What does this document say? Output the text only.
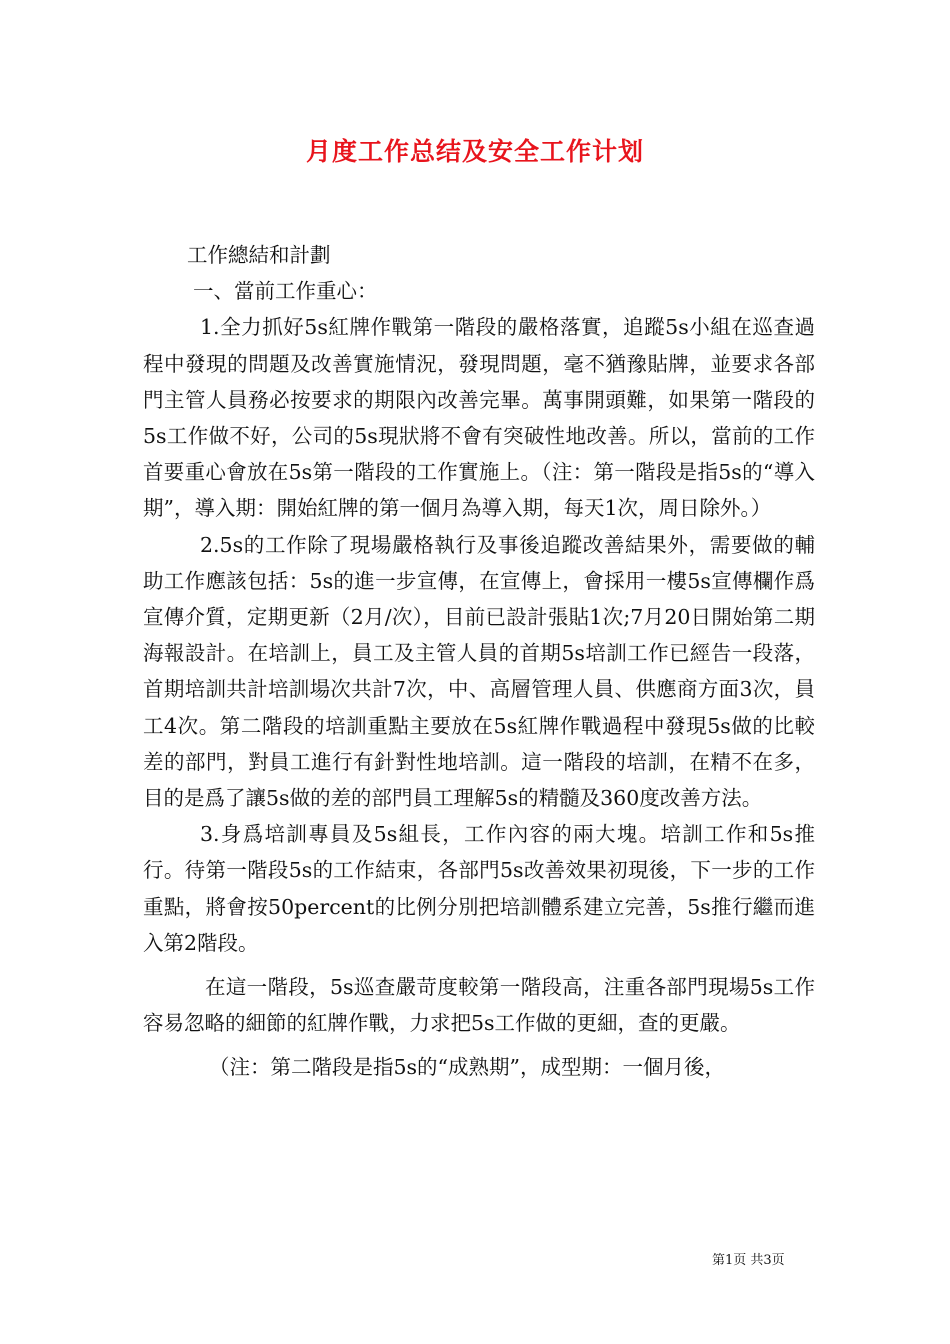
月度工作总结及安全工作计划

工作總結和計劃

一、當前工作重心：

1.全力抓好5s紅牌作戰第一階段的嚴格落實，追蹤5s小組在巡查過程中發現的問題及改善實施情況，發現問題，毫不猶豫貼牌，並要求各部門主管人員務必按要求的期限內改善完畢。萬事開頭難，如果第一階段的5s工作做不好，公司的5s現狀將不會有突破性地改善。所以，當前的工作首要重心會放在5s第一階段的工作實施上。（注：第一階段是指5s的“導入期”，導入期：開始紅牌的第一個月為導入期，每天1次，周日除外。）

2.5s的工作除了現場嚴格執行及事後追蹤改善結果外，需要做的輔助工作應該包括：5s的進一步宣傳，在宣傳上，會採用一樓5s宣傳欄作爲宣傳介質，定期更新（2月/次），目前已設計張貼1次;7月20日開始第二期海報設計。在培訓上，員工及主管人員的首期5s培訓工作已經告一段落，首期培訓共計培訓場次共計7次，中、高層管理人員、供應商方面3次，員工4次。第二階段的培訓重點主要放在5s紅牌作戰過程中發現5s做的比較差的部門，對員工進行有針對性地培訓。這一階段的培訓，在精不在多，目的是爲了讓5s做的差的部門員工理解5s的精髓及360度改善方法。

3.身爲培訓專員及5s組長，工作內容的兩大塊。培訓工作和5s推行。待第一階段5s的工作結束，各部門5s改善效果初現後，下一步的工作重點，將會按50percent的比例分別把培訓體系建立完善，5s推行繼而進入第2階段。

在這一階段，5s巡查嚴苛度較第一階段高，注重各部門現場5s工作容易忽略的細節的紅牌作戰，力求把5s工作做的更細，查的更嚴。

（注：第二階段是指5s的“成熟期”，成型期：一個月後，

第1页 共3页
